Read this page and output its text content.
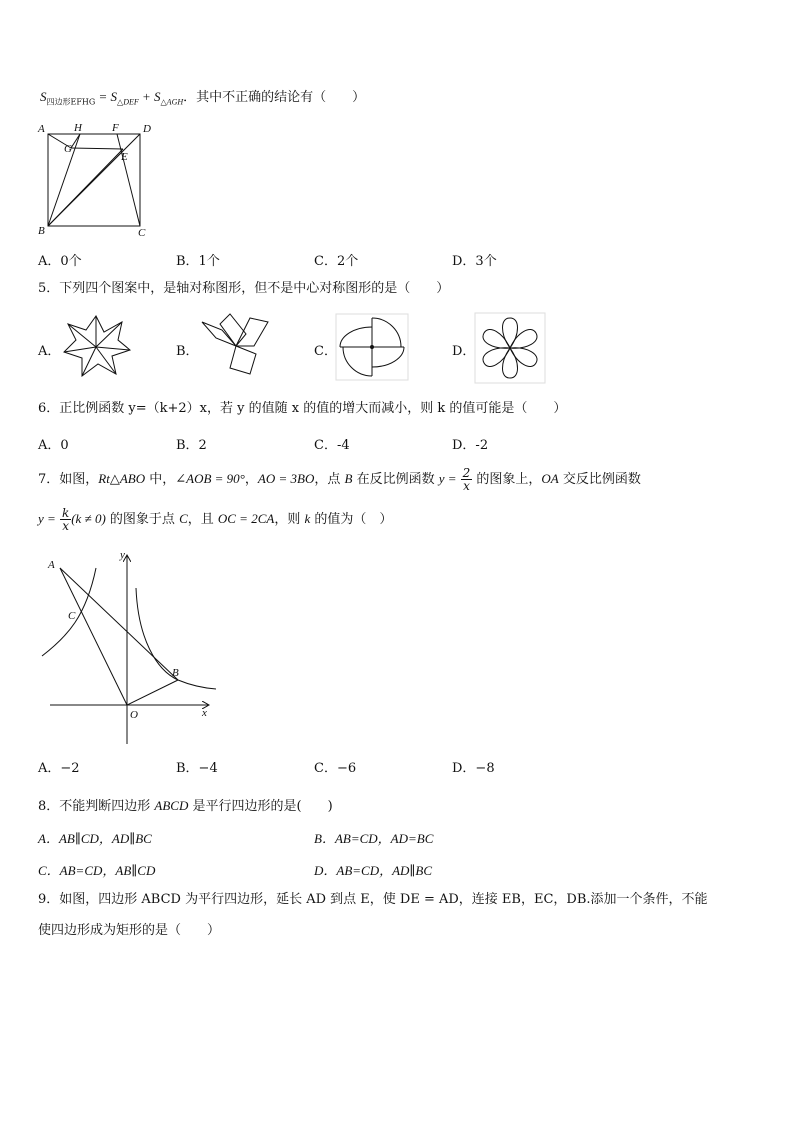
$S_{四边形EFHG} = S_{\triangle DEF} + S_{\triangle AGH}$．其中不正确的结论有（　　）
A	H	F D
G
E
B	C
A．0个	B．1个	C．2个	D．3个
5．下列四个图案中，是轴对称图形，但不是中心对称图形的是（　　）
A．	B．	C．	D．
6．正比例函数 y=（k+2）x，若 y 的值随 x 的值的增大而减小，则 k 的值可能是（　　）
A．0	B．2	C．-4	D．-2
7．如图，Rt△ABO 中，∠AOB = 90°，AO = 3BO，点 B 在反比例函数 $y = \frac{2}{x}$ 的图象上，OA 交反比例函数
$y = \frac{k}{x} (k \ne 0)$ 的图象于点 C，且 OC = 2CA，则 k 的值为（　）
y
A
C
B
O	x
A．−2	B．−4	C．−6	D．−8
8．不能判断四边形 ABCD 是平行四边形的是(　　)
A．AB∥CD，AD∥BC	B．AB=CD，AD=BC
C．AB=CD，AB∥CD	D．AB=CD，AD∥BC
9．如图，四边形 ABCD 为平行四边形，延长 AD 到点 E，使 DE = AD，连接 EB，EC，DB.添加一个条件，不能
使四边形成为矩形的是（　　）
